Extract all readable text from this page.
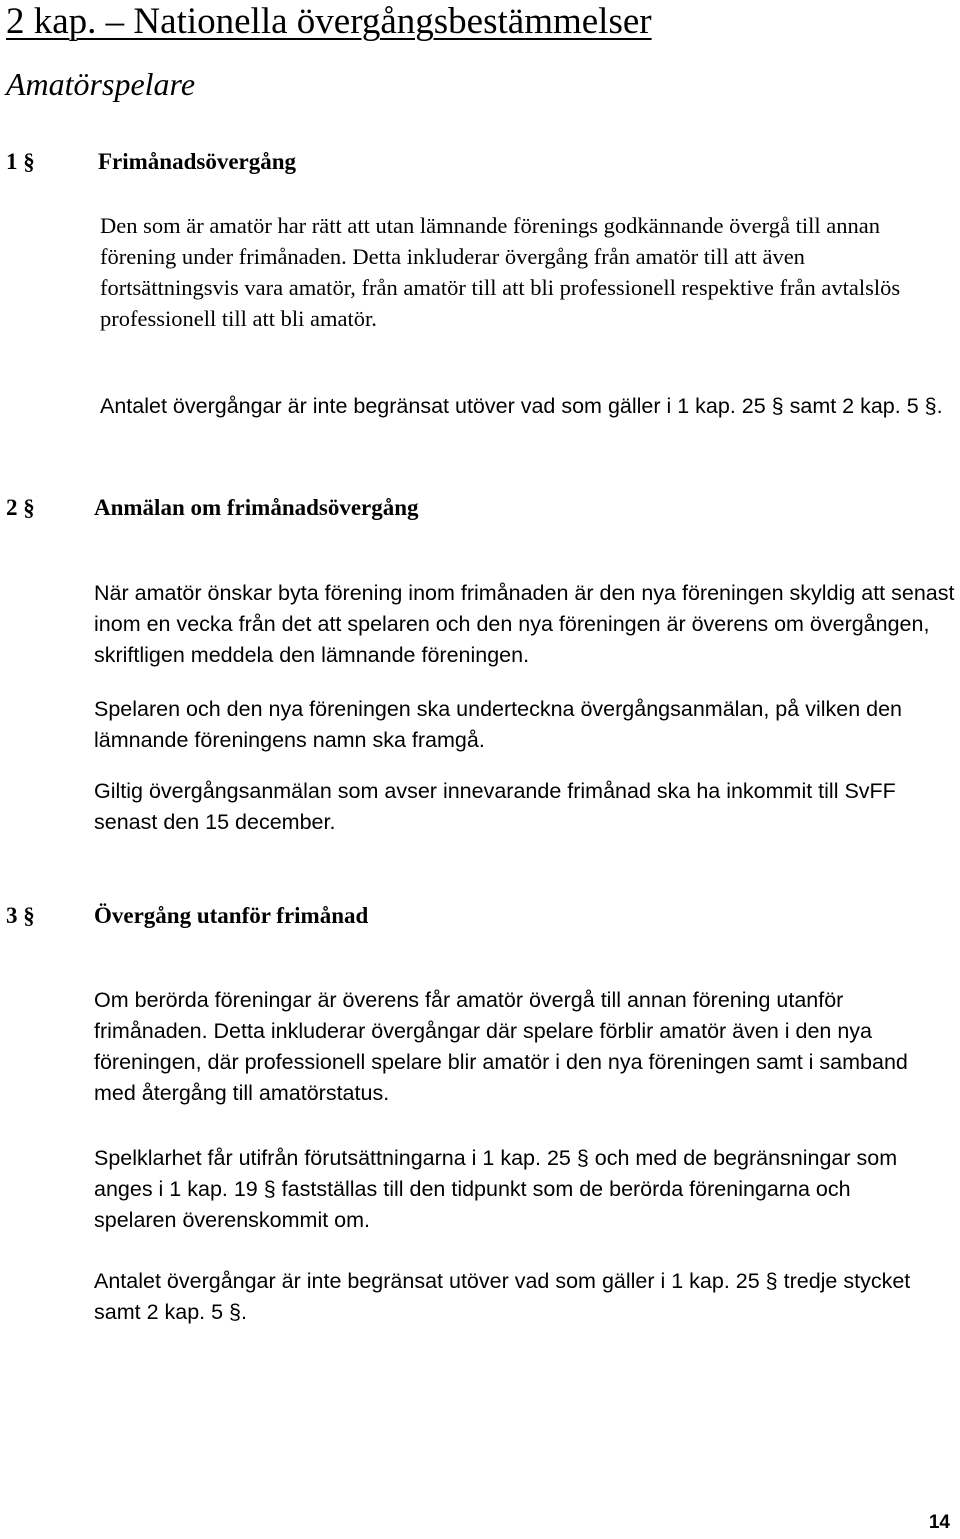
2 kap. – Nationella övergångsbestämmelser
Amatörspelare
1 §	Frimånadsövergång

Den som är amatör har rätt att utan lämnande förenings godkännande övergå till annan förening under frimånaden. Detta inkluderar övergång från amatör till att även fortsättningsvis vara amatör, från amatör till att bli professionell respektive från avtalslös professionell till att bli amatör.

Antalet övergångar är inte begränsat utöver vad som gäller i 1 kap. 25 § samt 2 kap. 5 §.

2 §	Anmälan om frimånadsövergång

När amatör önskar byta förening inom frimånaden är den nya föreningen skyldig att senast inom en vecka från det att spelaren och den nya föreningen är överens om övergången, skriftligen meddela den lämnande föreningen.

Spelaren och den nya föreningen ska underteckna övergångsanmälan, på vilken den lämnande föreningens namn ska framgå.

Giltig övergångsanmälan som avser innevarande frimånad ska ha inkommit till SvFF senast den 15 december.

3 §	Övergång utanför frimånad

Om berörda föreningar är överens får amatör övergå till annan förening utanför frimånaden. Detta inkluderar övergångar där spelare förblir amatör även i den nya föreningen, där professionell spelare blir amatör i den nya föreningen samt i samband med återgång till amatörstatus.

Spelklarhet får utifrån förutsättningarna i 1 kap. 25 § och med de begränsningar som anges i 1 kap. 19 § fastställas till den tidpunkt som de berörda föreningarna och spelaren överenskommit om.

Antalet övergångar är inte begränsat utöver vad som gäller i 1 kap. 25 § tredje stycket samt 2 kap. 5 §.

14
